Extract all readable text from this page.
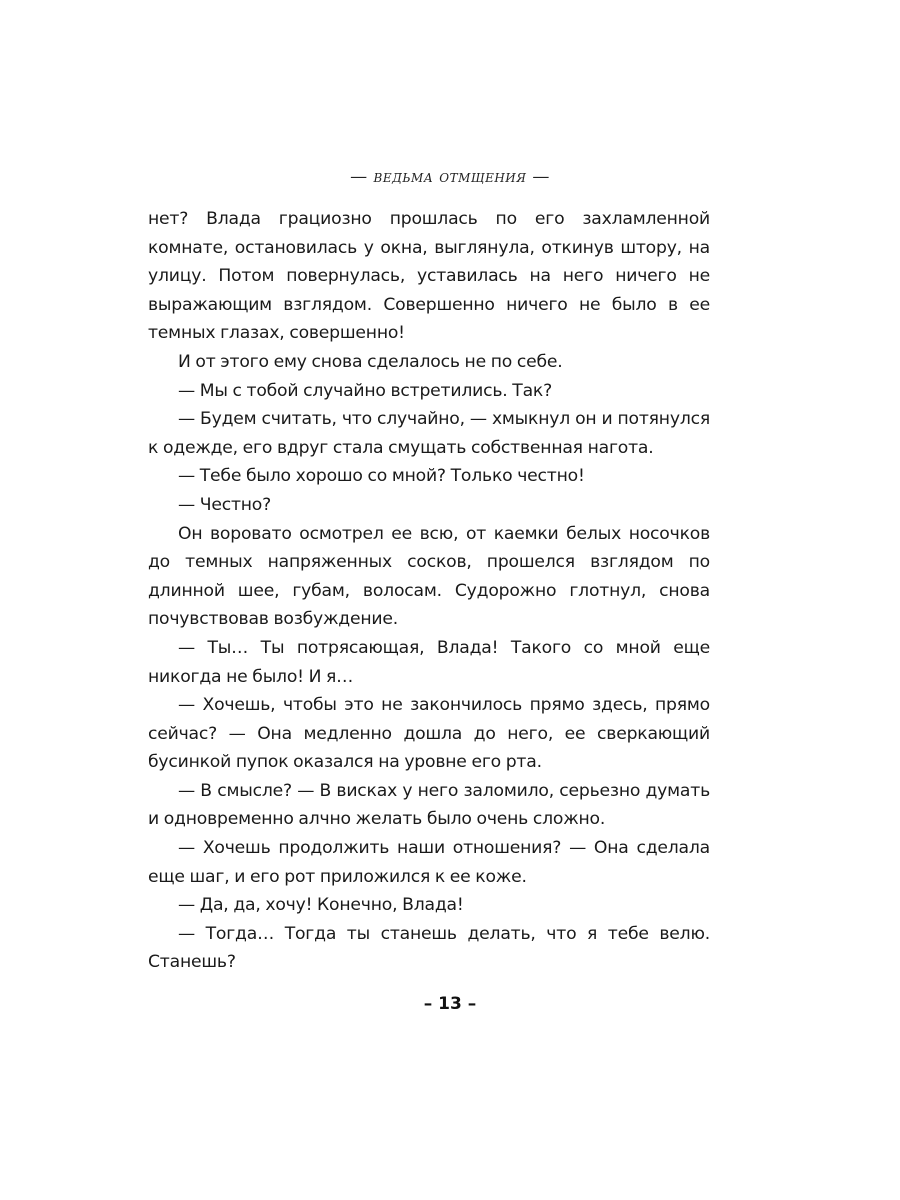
— ведьма отмщения —

нет? Влада грациозно прошлась по его захламленной комнате, остановилась у окна, выглянула, откинув штору, на улицу. Потом повернулась, уставилась на него ничего не выражающим взглядом. Совершенно ничего не было в ее темных глазах, совершенно!

И от этого ему снова сделалось не по себе.

— Мы с тобой случайно встретились. Так?

— Будем считать, что случайно, — хмыкнул он и потянулся к одежде, его вдруг стала смущать собственная нагота.

— Тебе было хорошо со мной? Только честно!

— Честно?

Он воровато осмотрел ее всю, от каемки белых носочков до темных напряженных сосков, прошелся взглядом по длинной шее, губам, волосам. Судорожно глотнул, снова почувствовав возбуждение.

— Ты… Ты потрясающая, Влада! Такого со мной еще никогда не было! И я…

— Хочешь, чтобы это не закончилось прямо здесь, прямо сейчас? — Она медленно дошла до него, ее сверкающий бусинкой пупок оказался на уровне его рта.

— В смысле? — В висках у него заломило, серьезно думать и одновременно алчно желать было очень сложно.

— Хочешь продолжить наши отношения? — Она сделала еще шаг, и его рот приложился к ее коже.

— Да, да, хочу! Конечно, Влада!

— Тогда… Тогда ты станешь делать, что я тебе велю. Станешь?

– 13 –
